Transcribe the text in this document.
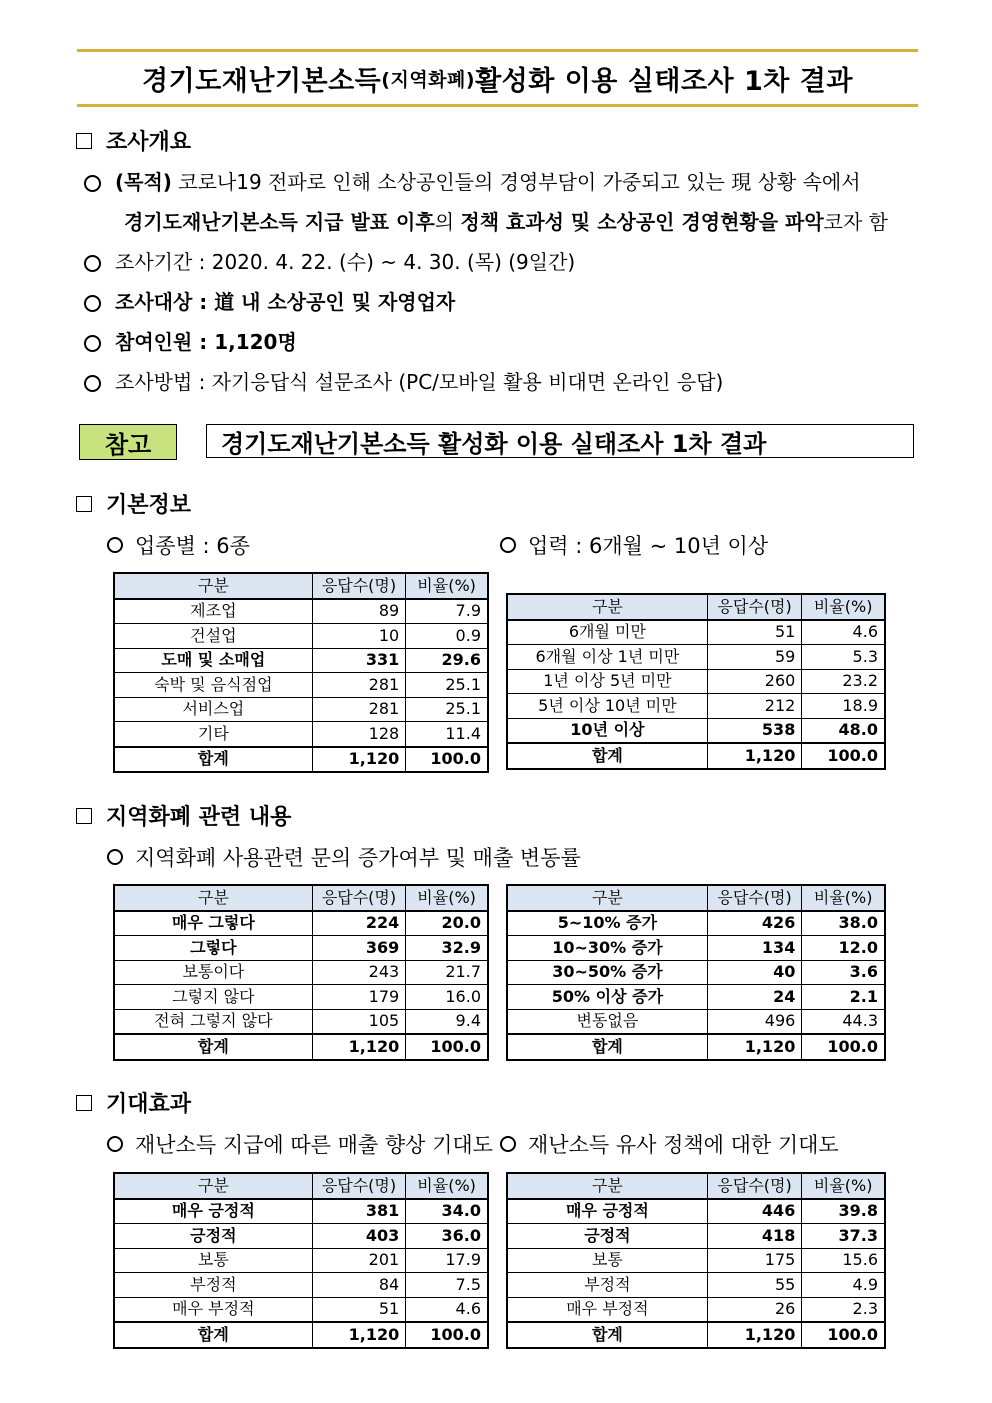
경기도재난기본소득 (지역화폐) 활성화 이용 실태조사 1차 결과
조사개요
(목적) 코로나19 전파로 인해 소상공인들의 경영부담이 가중되고 있는 現 상황 속에서
경기도재난기본소득 지급 발표 이후의 정책 효과성 및 소상공인 경영현황을 파악코자 함
조사기간 : 2020. 4. 22. (수) ~ 4. 30. (목) (9일간)
조사대상 : 道 내 소상공인 및 자영업자
참여인원 : 1,120명
조사방법 : 자기응답식 설문조사 (PC/모바일 활용 비대면 온라인 응답)
참고	경기도재난기본소득 활성화 이용 실태조사 1차 결과
기본정보
업종별 : 6종	업력 : 6개월 ~ 10년 이상
구분	응답수(명)	비율(%)
제조업	89	7.9
건설업	10	0.9
도매 및 소매업	331	29.6
숙박 및 음식점업	281	25.1
서비스업	281	25.1
기타	128	11.4
합계	1,120	100.0
구분	응답수(명)	비율(%)
6개월 미만	51	4.6
6개월 이상 1년 미만	59	5.3
1년 이상 5년 미만	260	23.2
5년 이상 10년 미만	212	18.9
10년 이상	538	48.0
합계	1,120	100.0
지역화폐 관련 내용
지역화폐 사용관련 문의 증가여부 및 매출 변동률
구분	응답수(명)	비율(%)
매우 그렇다	224	20.0
그렇다	369	32.9
보통이다	243	21.7
그렇지 않다	179	16.0
전혀 그렇지 않다	105	9.4
합계	1,120	100.0
구분	응답수(명)	비율(%)
5~10% 증가	426	38.0
10~30% 증가	134	12.0
30~50% 증가	40	3.6
50% 이상 증가	24	2.1
변동없음	496	44.3
합계	1,120	100.0
기대효과
재난소득 지급에 따른 매출 향상 기대도 재난소득 유사 정책에 대한 기대도
구분	응답수(명)	비율(%)
매우 긍정적	381	34.0
긍정적	403	36.0
보통	201	17.9
부정적	84	7.5
매우 부정적	51	4.6
합계	1,120	100.0
구분	응답수(명)	비율(%)
매우 긍정적	446	39.8
긍정적	418	37.3
보통	175	15.6
부정적	55	4.9
매우 부정적	26	2.3
합계	1,120	100.0
